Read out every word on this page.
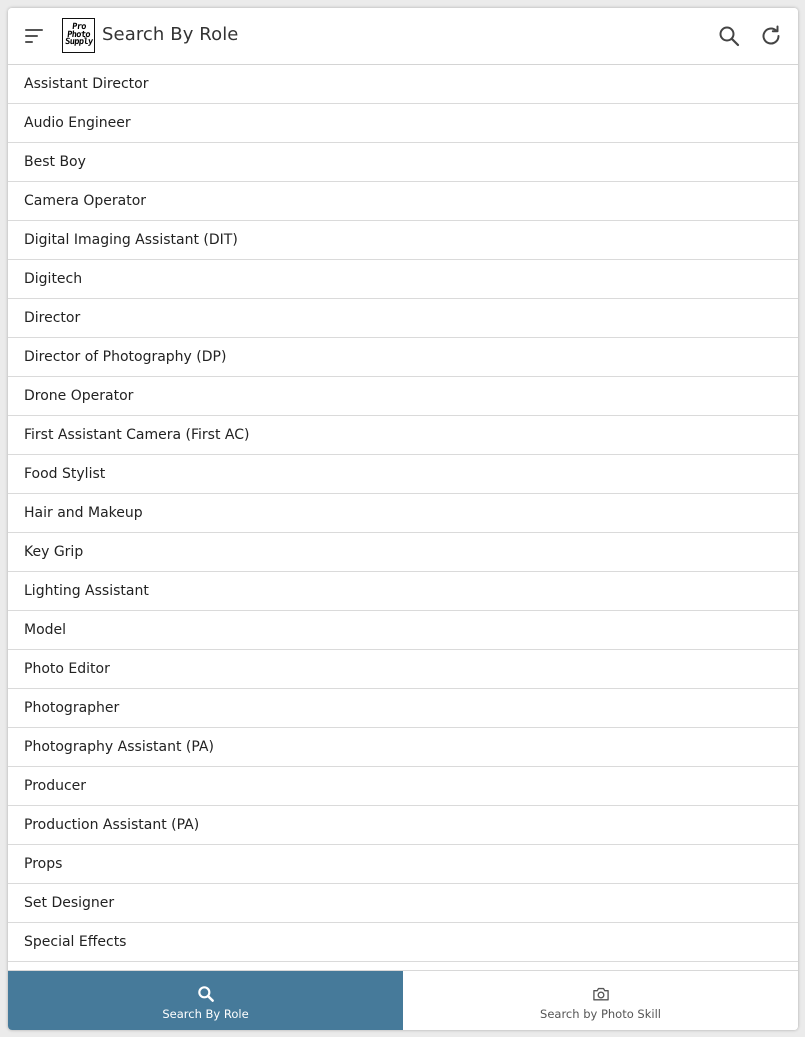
Pro
Photo
Supply Search By Role
Assistant Director
Audio Engineer
Best Boy
Camera Operator
Digital Imaging Assistant (DIT)
Digitech
Director
Director of Photography (DP)
Drone Operator
First Assistant Camera (First AC)
Food Stylist
Hair and Makeup
Key Grip
Lighting Assistant
Model
Photo Editor
Photographer
Photography Assistant (PA)
Producer
Production Assistant (PA)
Props
Set Designer
Special Effects
Search By Role	Search by Photo Skill
